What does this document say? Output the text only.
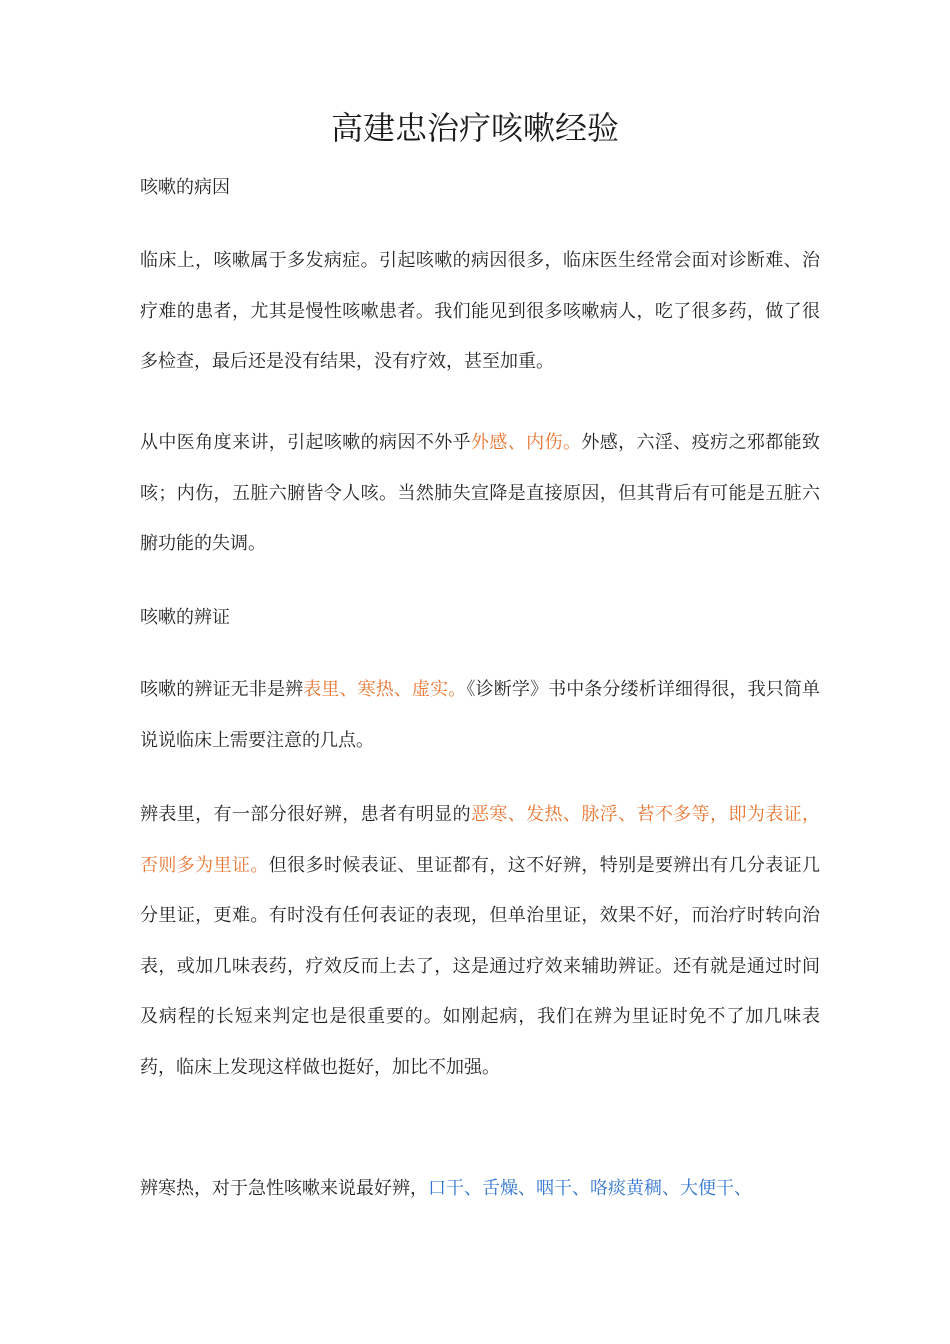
高建忠治疗咳嗽经验
咳嗽的病因
临床上，咳嗽属于多发病症。引起咳嗽的病因很多，临床医生经常会面对诊断难、治疗难的患者，尤其是慢性咳嗽患者。我们能见到很多咳嗽病人，吃了很多药，做了很多检查，最后还是没有结果，没有疗效，甚至加重。
从中医角度来讲，引起咳嗽的病因不外乎外感、内伤。外感，六淫、疫疠之邪都能致咳；内伤，五脏六腑皆令人咳。当然肺失宣降是直接原因，但其背后有可能是五脏六腑功能的失调。
咳嗽的辨证
咳嗽的辨证无非是辨表里、寒热、虚实。《诊断学》书中条分缕析详细得很，我只简单说说临床上需要注意的几点。
辨表里，有一部分很好辨，患者有明显的恶寒、发热、脉浮、苔不多等，即为表证，否则多为里证。但很多时候表证、里证都有，这不好辨，特别是要辨出有几分表证几分里证，更难。有时没有任何表证的表现，但单治里证，效果不好，而治疗时转向治表，或加几味表药，疗效反而上去了，这是通过疗效来辅助辨证。还有就是通过时间及病程的长短来判定也是很重要的。如刚起病，我们在辨为里证时免不了加几味表药，临床上发现这样做也挺好，加比不加强。
辨寒热，对于急性咳嗽来说最好辨，口干、舌燥、咽干、咯痰黄稠、大便干、
